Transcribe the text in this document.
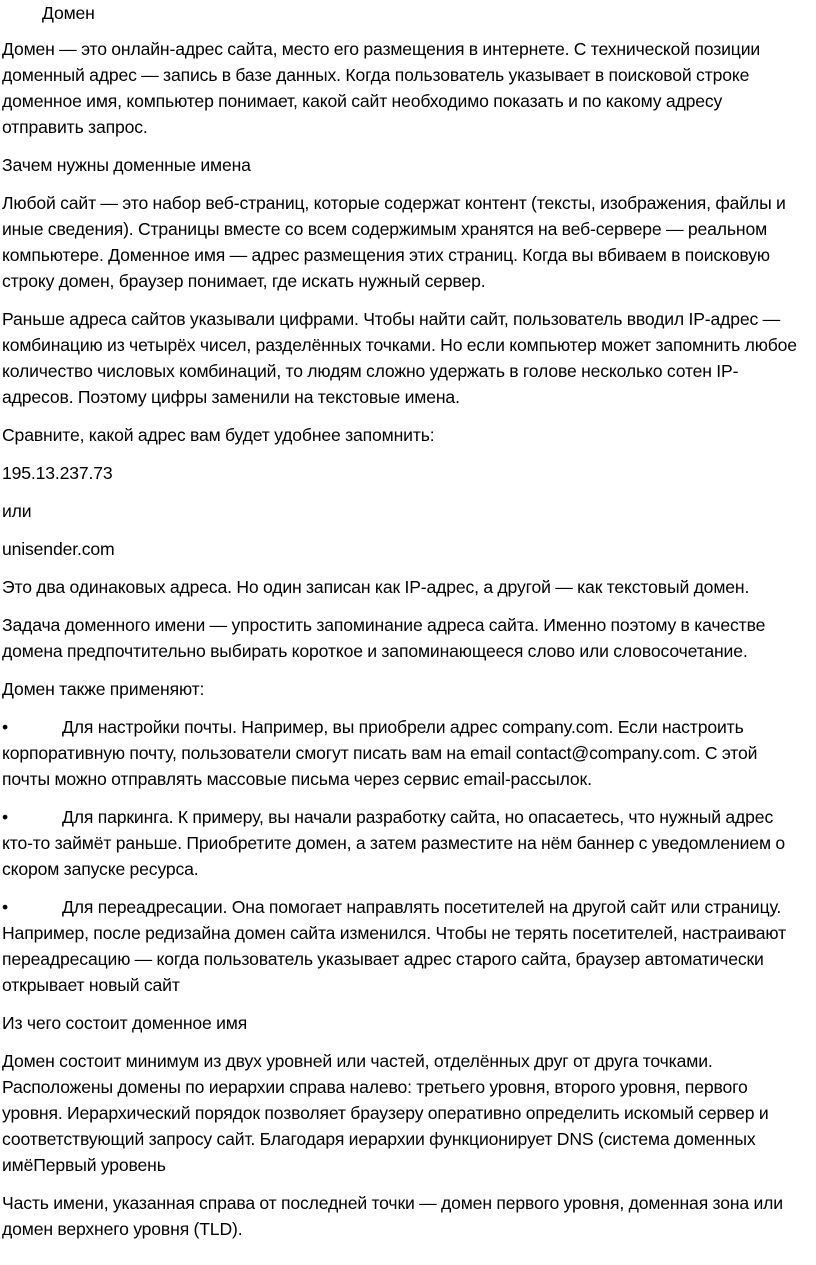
Домен

Домен — это онлайн-адрес сайта, место его размещения в интернете. С технической позиции доменный адрес — запись в базе данных. Когда пользователь указывает в поисковой строке доменное имя, компьютер понимает, какой сайт необходимо показать и по какому адресу отправить запрос.

Зачем нужны доменные имена

Любой сайт — это набор веб-страниц, которые содержат контент (тексты, изображения, файлы и иные сведения). Страницы вместе со всем содержимым хранятся на веб-сервере — реальном компьютере. Доменное имя — адрес размещения этих страниц. Когда вы вбиваем в поисковую строку домен, браузер понимает, где искать нужный сервер.

Раньше адреса сайтов указывали цифрами. Чтобы найти сайт, пользователь вводил IP-адрес — комбинацию из четырёх чисел, разделённых точками. Но если компьютер может запомнить любое количество числовых комбинаций, то людям сложно удержать в голове несколько сотен IP-адресов. Поэтому цифры заменили на текстовые имена.

Сравните, какой адрес вам будет удобнее запомнить:

195.13.237.73

или

unisender.com

Это два одинаковых адреса. Но один записан как IP-адрес, а другой — как текстовый домен.

Задача доменного имени — упростить запоминание адреса сайта. Именно поэтому в качестве домена предпочтительно выбирать короткое и запоминающееся слово или словосочетание.

Домен также применяют:

•	Для настройки почты. Например, вы приобрели адрес company.com. Если настроить корпоративную почту, пользователи смогут писать вам на email contact@company.com. С этой почты можно отправлять массовые письма через сервис email-рассылок.

•	Для паркинга. К примеру, вы начали разработку сайта, но опасаетесь, что нужный адрес кто-то займёт раньше. Приобретите домен, а затем разместите на нём баннер с уведомлением о скором запуске ресурса.

•	Для переадресации. Она помогает направлять посетителей на другой сайт или страницу. Например, после редизайна домен сайта изменился. Чтобы не терять посетителей, настраивают переадресацию — когда пользователь указывает адрес старого сайта, браузер автоматически открывает новый сайт

Из чего состоит доменное имя

Домен состоит минимум из двух уровней или частей, отделённых друг от друга точками. Расположены домены по иерархии справа налево: третьего уровня, второго уровня, первого уровня. Иерархический порядок позволяет браузеру оперативно определить искомый сервер и соответствующий запросу сайт. Благодаря иерархии функционирует DNS (система доменных имёПервый уровень

Часть имени, указанная справа от последней точки — домен первого уровня, доменная зона или домен верхнего уровня (TLD).
